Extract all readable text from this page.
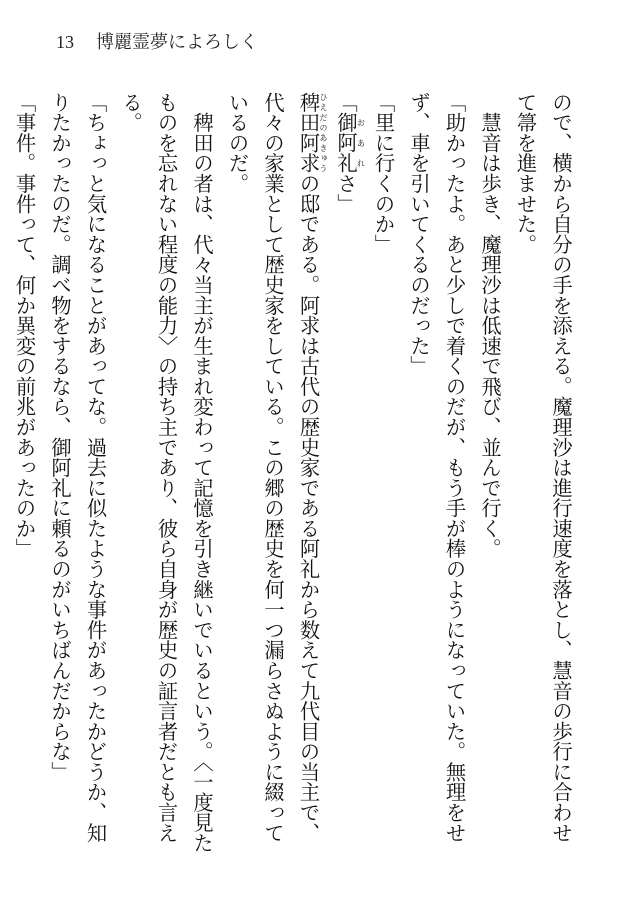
13 博麗霊夢によろしく

ので、横から自分の手を添える。魔理沙は進行速度を落とし、慧音の歩行に合わせて箒を進ませた。

　慧音は歩き、魔理沙は低速で飛び、並んで行く。

「助かったよ。あと少しで着くのだが、もう手が棒のようになっていた。無理をせず、車を引いてくるのだった」

「里に行くのか」

「御阿礼おあれさ」

稗田阿求ひえだのあきゅうの邸である。阿求は古代の歴史家である阿礼から数えて九代目の当主で、代々の家業として歴史家をしている。この郷の歴史を何一つ漏らさぬように綴っているのだ。

　稗田の者は、代々当主が生まれ変わって記憶を引き継いでいるという。〈一度見たものを忘れない程度の能力〉の持ち主であり、彼ら自身が歴史の証言者だとも言える。

「ちょっと気になることがあってな。過去に似たような事件があったかどうか、知りたかったのだ。調べ物をするなら、御阿礼に頼るのがいちばんだからな」

「事件。事件って、何か異変の前兆があったのか」
